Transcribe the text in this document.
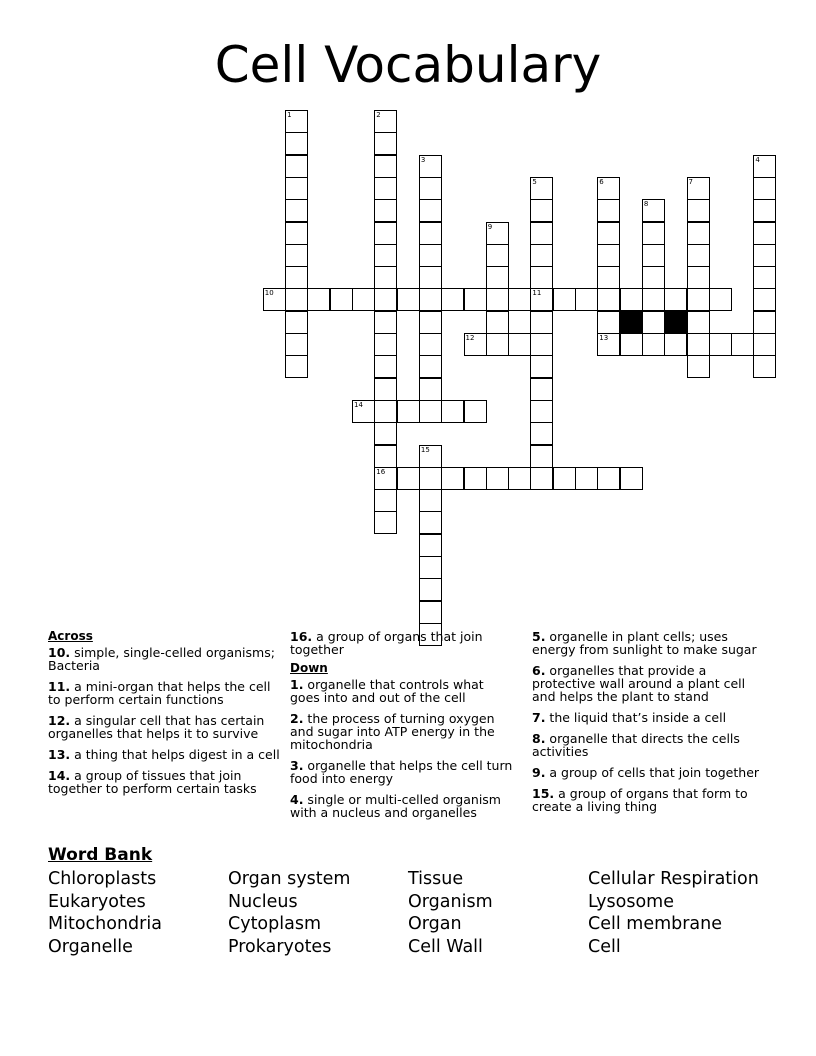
Cell Vocabulary
1	2
3	4
5	6	7
8
9
10	11
12	13
14
15
16
Across
10. simple, single-celled organisms; Bacteria
11. a mini-organ that helps the cell to perform certain functions
12. a singular cell that has certain organelles that helps it to survive
13. a thing that helps digest in a cell
14. a group of tissues that join together to perform certain tasks
16. a group of organs that join together
Down
1. organelle that controls what goes into and out of the cell
2. the process of turning oxygen and sugar into ATP energy in the mitochondria
3. organelle that helps the cell turn food into energy
4. single or multi-celled organism with a nucleus and organelles
5. organelle in plant cells; uses energy from sunlight to make sugar
6. organelles that provide a protective wall around a plant cell and helps the plant to stand
7. the liquid that’s inside a cell
8. organelle that directs the cells activities
9. a group of cells that join together
15. a group of organs that form to create a living thing
Word Bank
Chloroplasts
Eukaryotes
Mitochondria
Organelle
Organ system
Nucleus
Cytoplasm
Prokaryotes
Tissue
Organism
Organ
Cell Wall
Cellular Respiration
Lysosome
Cell membrane
Cell
